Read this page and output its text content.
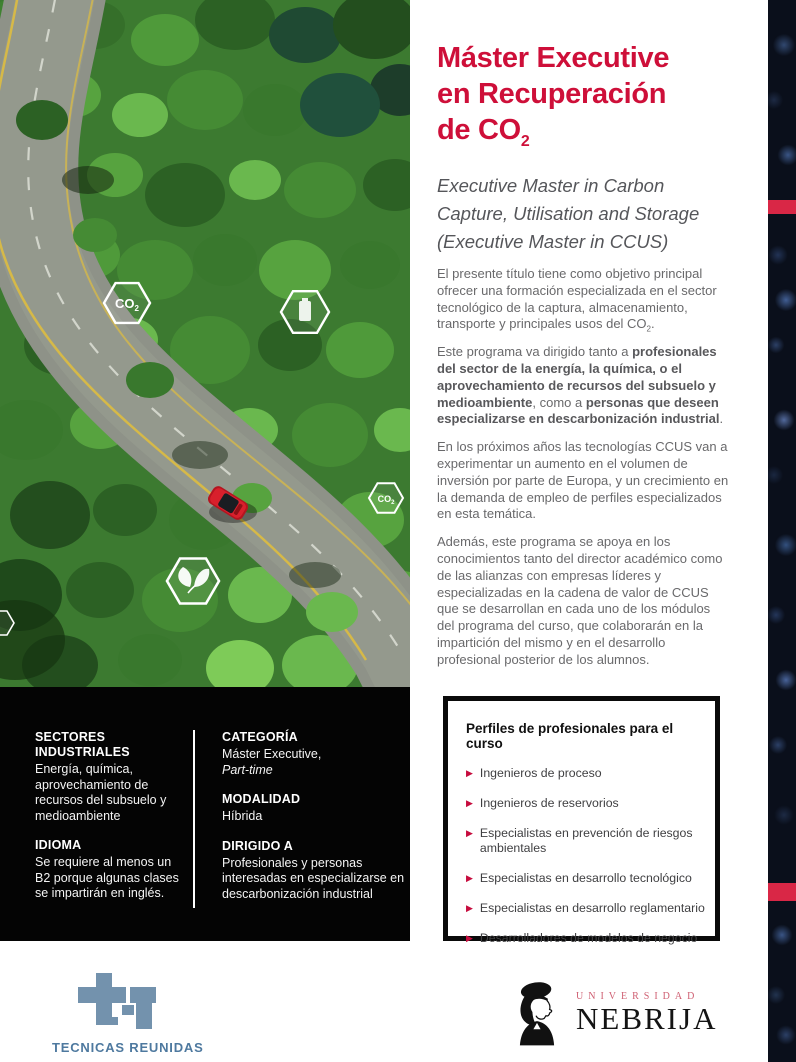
$CO_2$
$CO_2$
Máster Executive
en Recuperación
de $CO_2$

Executive Master in Carbon Capture, Utilisation and Storage (Executive Master in CCUS)

El presente título tiene como objetivo principal ofrecer una formación especializada en el sector tecnológico de la captura, almacenamiento, transporte y principales usos del $CO_2$.

Este programa va dirigido tanto a profesionales del sector de la energía, la química, o el aprovechamiento de recursos del subsuelo y medioambiente, como a personas que deseen especializarse en descarbonización industrial.

En los próximos años las tecnologías CCUS van a experimentar un aumento en el volumen de inversión por parte de Europa, y un crecimiento en la demanda de empleo de perfiles especializados en esta temática.

Además, este programa se apoya en los conocimientos tanto del director académico como de las alianzas con empresas líderes y especializadas en la cadena de valor de CCUS que se desarrollan en cada uno de los módulos del programa del curso, que colaborarán en la impartición del mismo y en el desarrollo profesional posterior de los alumnos.

SECTORES INDUSTRIALES
Energía, química, aprovechamiento de recursos del subsuelo y medioambiente
IDIOMA
Se requiere al menos un B2 porque algunas clases se impartirán en inglés.
CATEGORÍA
Máster Executive,
Part-time
MODALIDAD
Híbrida
DIRIGIDO A
Profesionales y personas interesadas en especializarse en descarbonización industrial

Perfiles de profesionales para el curso

▶ Ingenieros de proceso
▶ Ingenieros de reservorios
▶ Especialistas en prevención de riesgos ambientales
▶ Especialistas en desarrollo tecnológico
▶ Especialistas en desarrollo reglamentario
▶ Desarrolladores de modelos de negocio
TECNICAS REUNIDAS
UNIVERSIDAD
NEBRIJA
